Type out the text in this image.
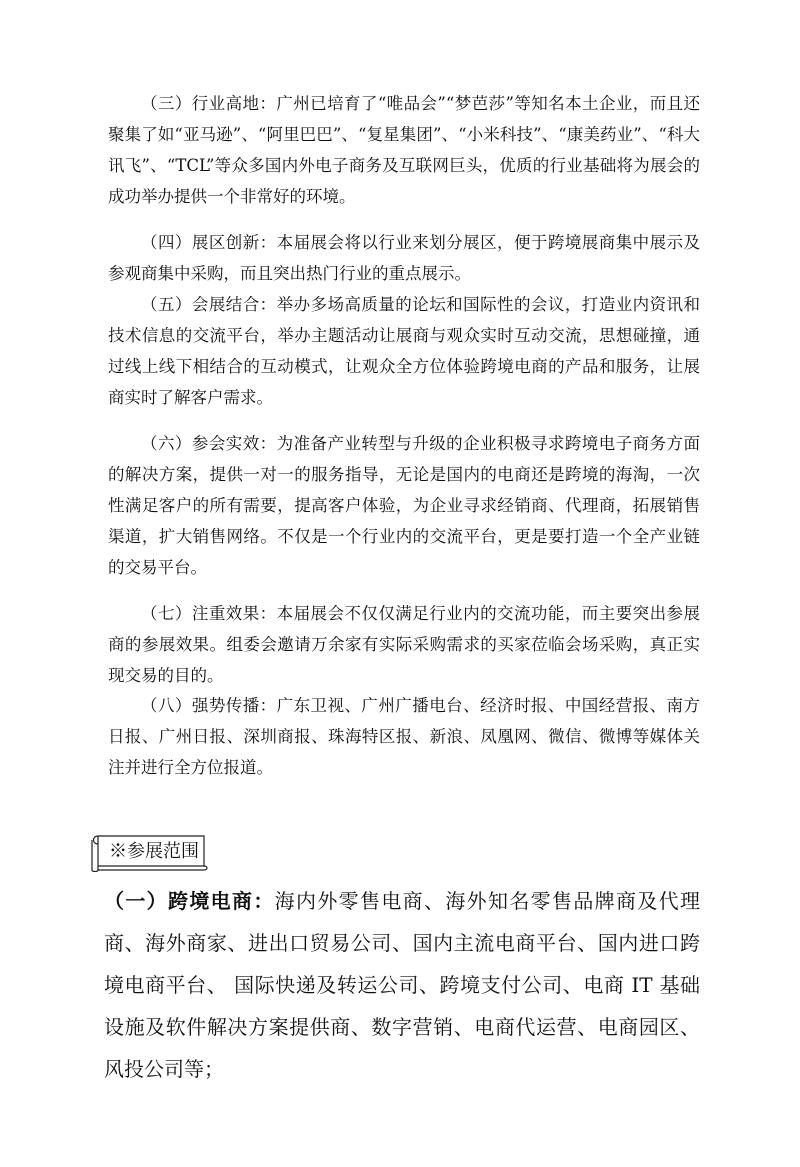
（三）行业高地：广州已培育了“唯品会”“梦芭莎”等知名本土企业，而且还聚集了如“亚马逊”、“阿里巴巴”、“复星集团”、“小米科技”、“康美药业”、“科大讯飞”、“TCL”等众多国内外电子商务及互联网巨头，优质的行业基础将为展会的成功举办提供一个非常好的环境。

（四）展区创新：本届展会将以行业来划分展区，便于跨境展商集中展示及参观商集中采购，而且突出热门行业的重点展示。

（五）会展结合：举办多场高质量的论坛和国际性的会议，打造业内资讯和技术信息的交流平台，举办主题活动让展商与观众实时互动交流，思想碰撞，通过线上线下相结合的互动模式，让观众全方位体验跨境电商的产品和服务，让展商实时了解客户需求。

（六）参会实效：为准备产业转型与升级的企业积极寻求跨境电子商务方面的解决方案，提供一对一的服务指导，无论是国内的电商还是跨境的海淘，一次性满足客户的所有需要，提高客户体验，为企业寻求经销商、代理商，拓展销售渠道，扩大销售网络。不仅是一个行业内的交流平台，更是要打造一个全产业链的交易平台。

（七）注重效果：本届展会不仅仅满足行业内的交流功能，而主要突出参展商的参展效果。组委会邀请万余家有实际采购需求的买家莅临会场采购，真正实现交易的目的。

（八）强势传播：广东卫视、广州广播电台、经济时报、中国经营报、南方日报、广州日报、深圳商报、珠海特区报、新浪、凤凰网、微信、微博等媒体关注并进行全方位报道。

※参展范围

（一）跨境电商：海内外零售电商、海外知名零售品牌商及代理商、海外商家、进出口贸易公司、国内主流电商平台、国内进口跨境电商平台、 国际快递及转运公司、跨境支付公司、电商 IT 基础设施及软件解决方案提供商、数字营销、电商代运营、电商园区、风投公司等；
